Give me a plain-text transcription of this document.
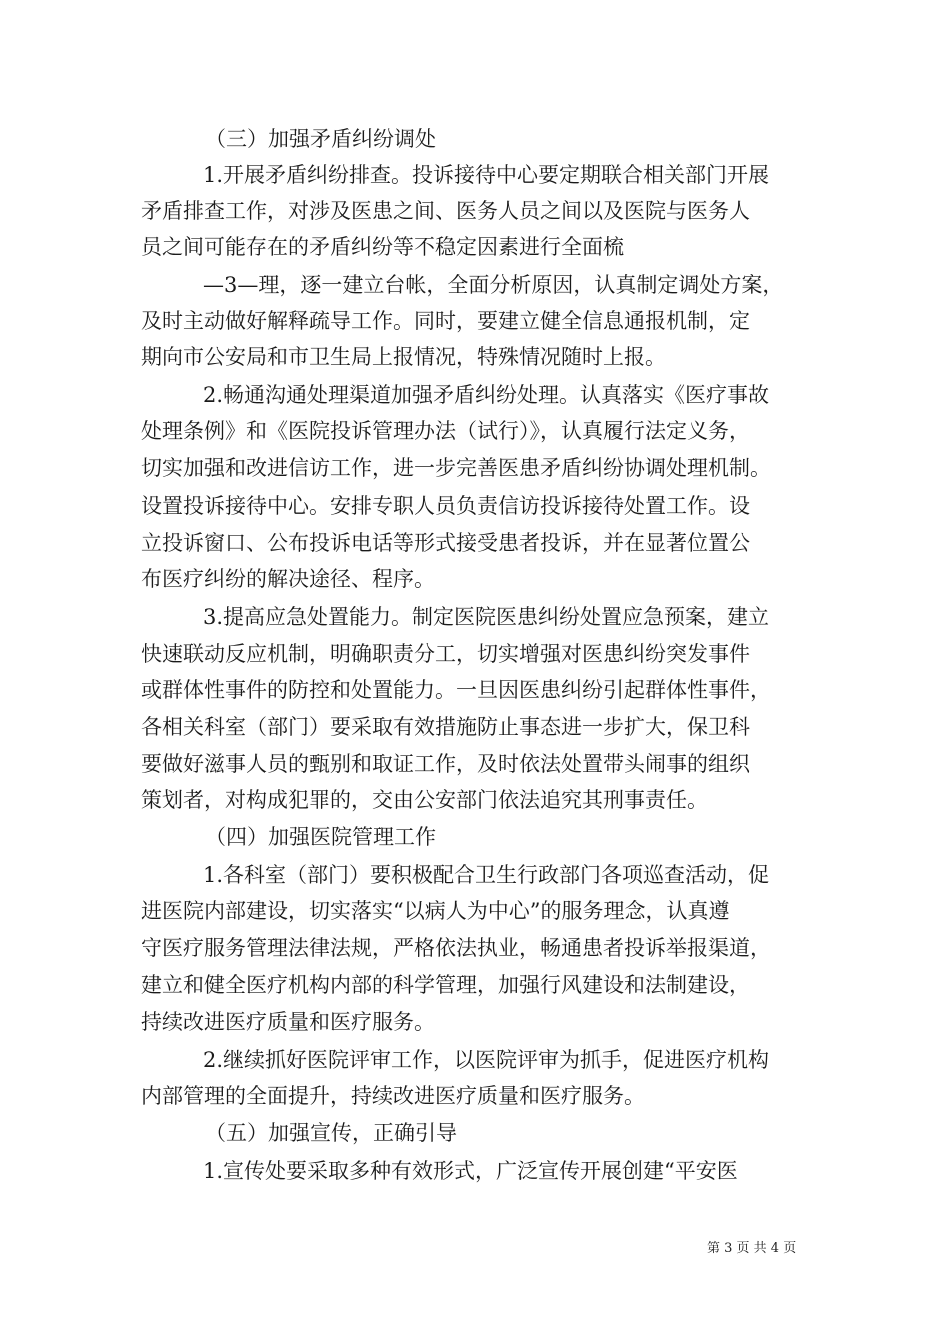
（三）加强矛盾纠纷调处
1.开展矛盾纠纷排查。投诉接待中心要定期联合相关部门开展
矛盾排查工作，对涉及医患之间、医务人员之间以及医院与医务人
员之间可能存在的矛盾纠纷等不稳定因素进行全面梳
—3—理，逐一建立台帐，全面分析原因，认真制定调处方案，
及时主动做好解释疏导工作。同时，要建立健全信息通报机制，定
期向市公安局和市卫生局上报情况，特殊情况随时上报。
2.畅通沟通处理渠道加强矛盾纠纷处理。认真落实《医疗事故
处理条例》和《医院投诉管理办法（试行）》，认真履行法定义务，
切实加强和改进信访工作，进一步完善医患矛盾纠纷协调处理机制。
设置投诉接待中心。安排专职人员负责信访投诉接待处置工作。设
立投诉窗口、公布投诉电话等形式接受患者投诉，并在显著位置公
布医疗纠纷的解决途径、程序。
3.提高应急处置能力。制定医院医患纠纷处置应急预案，建立
快速联动反应机制，明确职责分工，切实增强对医患纠纷突发事件
或群体性事件的防控和处置能力。一旦因医患纠纷引起群体性事件，
各相关科室（部门）要采取有效措施防止事态进一步扩大，保卫科
要做好滋事人员的甄别和取证工作，及时依法处置带头闹事的组织
策划者，对构成犯罪的，交由公安部门依法追究其刑事责任。
（四）加强医院管理工作
1.各科室（部门）要积极配合卫生行政部门各项巡查活动，促
进医院内部建设，切实落实“以病人为中心”的服务理念，认真遵
守医疗服务管理法律法规，严格依法执业，畅通患者投诉举报渠道，
建立和健全医疗机构内部的科学管理，加强行风建设和法制建设，
持续改进医疗质量和医疗服务。
2.继续抓好医院评审工作，以医院评审为抓手，促进医疗机构
内部管理的全面提升，持续改进医疗质量和医疗服务。
（五）加强宣传，正确引导
1.宣传处要采取多种有效形式，广泛宣传开展创建“平安医
第 3 页 共 4 页
